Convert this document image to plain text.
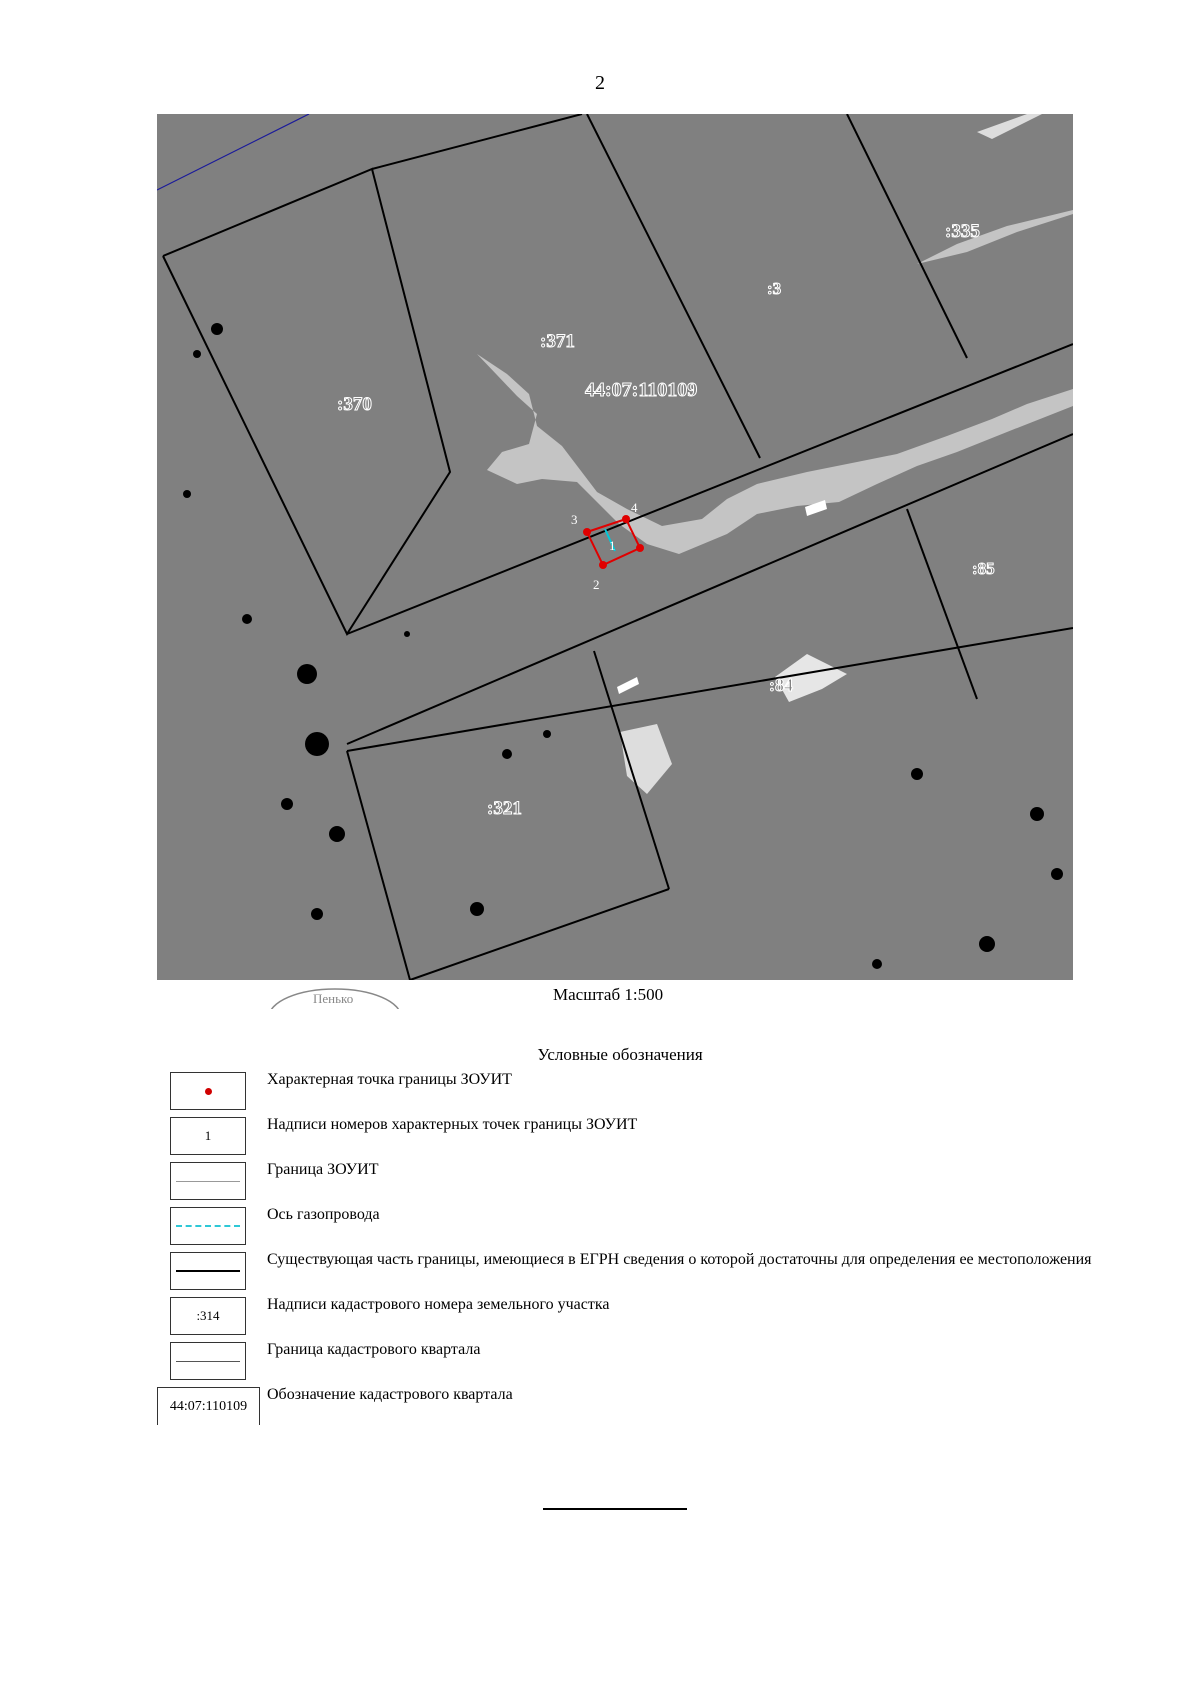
2
:370
:371
:3
:335
44:07:110109
:85
:84
:321
4
3
2
1
Пенько	Масштаб 1:500
Условные обозначения
Характерная точка границы ЗОУИТ
1
Надписи номеров характерных точек границы ЗОУИТ
Граница ЗОУИТ
Ось газопровода
Существующая часть границы, имеющиеся в ЕГРН сведения о которой достаточны для определения ее местоположения
:314
Надписи кадастрового номера земельного участка
Граница кадастрового квартала
44:07:110109
Обозначение кадастрового квартала
